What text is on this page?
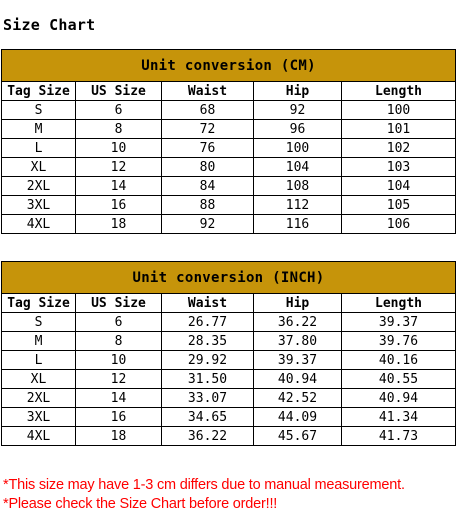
Size Chart
Unit conversion (CM)				
Tag Size	US Size	Waist	Hip	Length
S	6	68	92	100
M	8	72	96	101
L	10	76	100	102
XL	12	80	104	103
2XL	14	84	108	104
3XL	16	88	112	105
4XL	18	92	116	106
Unit conversion (INCH)				
Tag Size	US Size	Waist	Hip	Length
S	6	26.77	36.22	39.37
M	8	28.35	37.80	39.76
L	10	29.92	39.37	40.16
XL	12	31.50	40.94	40.55
2XL	14	33.07	42.52	40.94
3XL	16	34.65	44.09	41.34
4XL	18	36.22	45.67	41.73
*This size may have 1-3 cm differs due to manual measurement.
*Please check the Size Chart before order!!!
